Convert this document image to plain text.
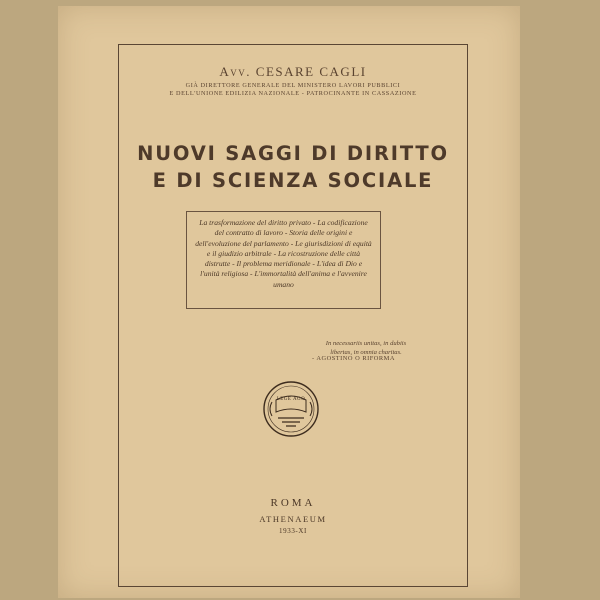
Avv. CESARE CAGLI
GIÀ DIRETTORE GENERALE DEL MINISTERO LAVORI PUBBLICI
E DELL'UNIONE EDILIZIA NAZIONALE - PATROCINANTE IN CASSAZIONE
NUOVI SAGGI DI DIRITTO
E DI SCIENZA SOCIALE

La trasformazione del diritto privato - La codificazione del contratto di lavoro - Storia delle origini e dell'evoluzione del parlamento - Le giurisdizioni di equità e il giudizio arbitrale - La ricostruzione delle città distrutte - Il problema meridionale - L'idea di Dio e l'unità religiosa - L'immortalità dell'anima e l'avvenire umano

In necessariis unitas, in dubiis
libertas, in omnia charitas.
- AGOSTINO O RIFORMA
LEGE AGO
ROMA
ATHENAEUM
1933-XI
